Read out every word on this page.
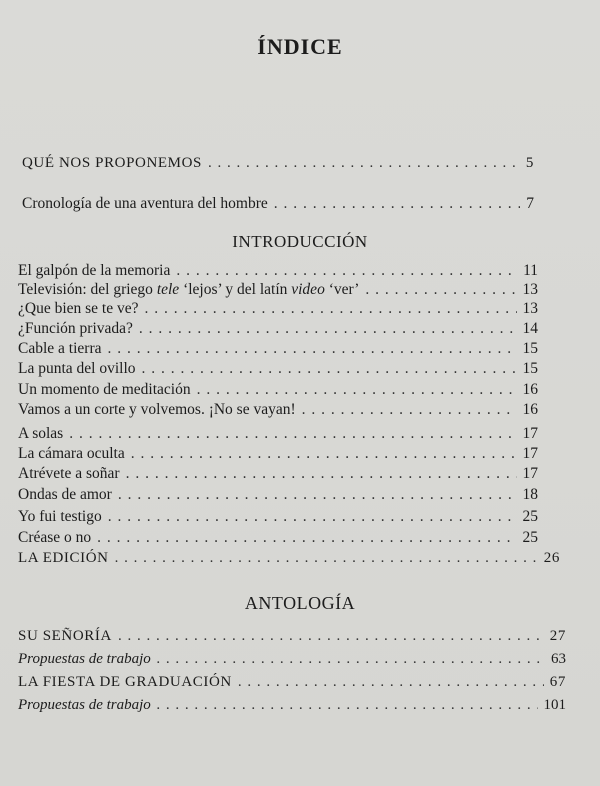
ÍNDICE
QUÉ NOS PROPONEMOS . . .	5
Cronología de una aventura del hombre . . .	7
INTRODUCCIÓN
El galpón de la memoria . . .	11
Televisión: del griego tele ‘lejos’ y del latín video ‘ver’ . . .	13
¿Que bien se te ve? . . .	13
¿Función privada? . . .	14
Cable a tierra . . .	15
La punta del ovillo . . .	15
Un momento de meditación . . .	16
Vamos a un corte y volvemos. ¡No se vayan! . . .	16
A solas . . .	17
La cámara oculta . . .	17
Atrévete a soñar . . .	17
Ondas de amor . . .	18
Yo fui testigo . . .	25
Créase o no . . .	25
LA EDICIÓN . . .	26
ANTOLOGÍA
SU SEÑORÍA . . .	27
Propuestas de trabajo . . .	63
LA FIESTA DE GRADUACIÓN . . .	67
Propuestas de trabajo . . .	101
